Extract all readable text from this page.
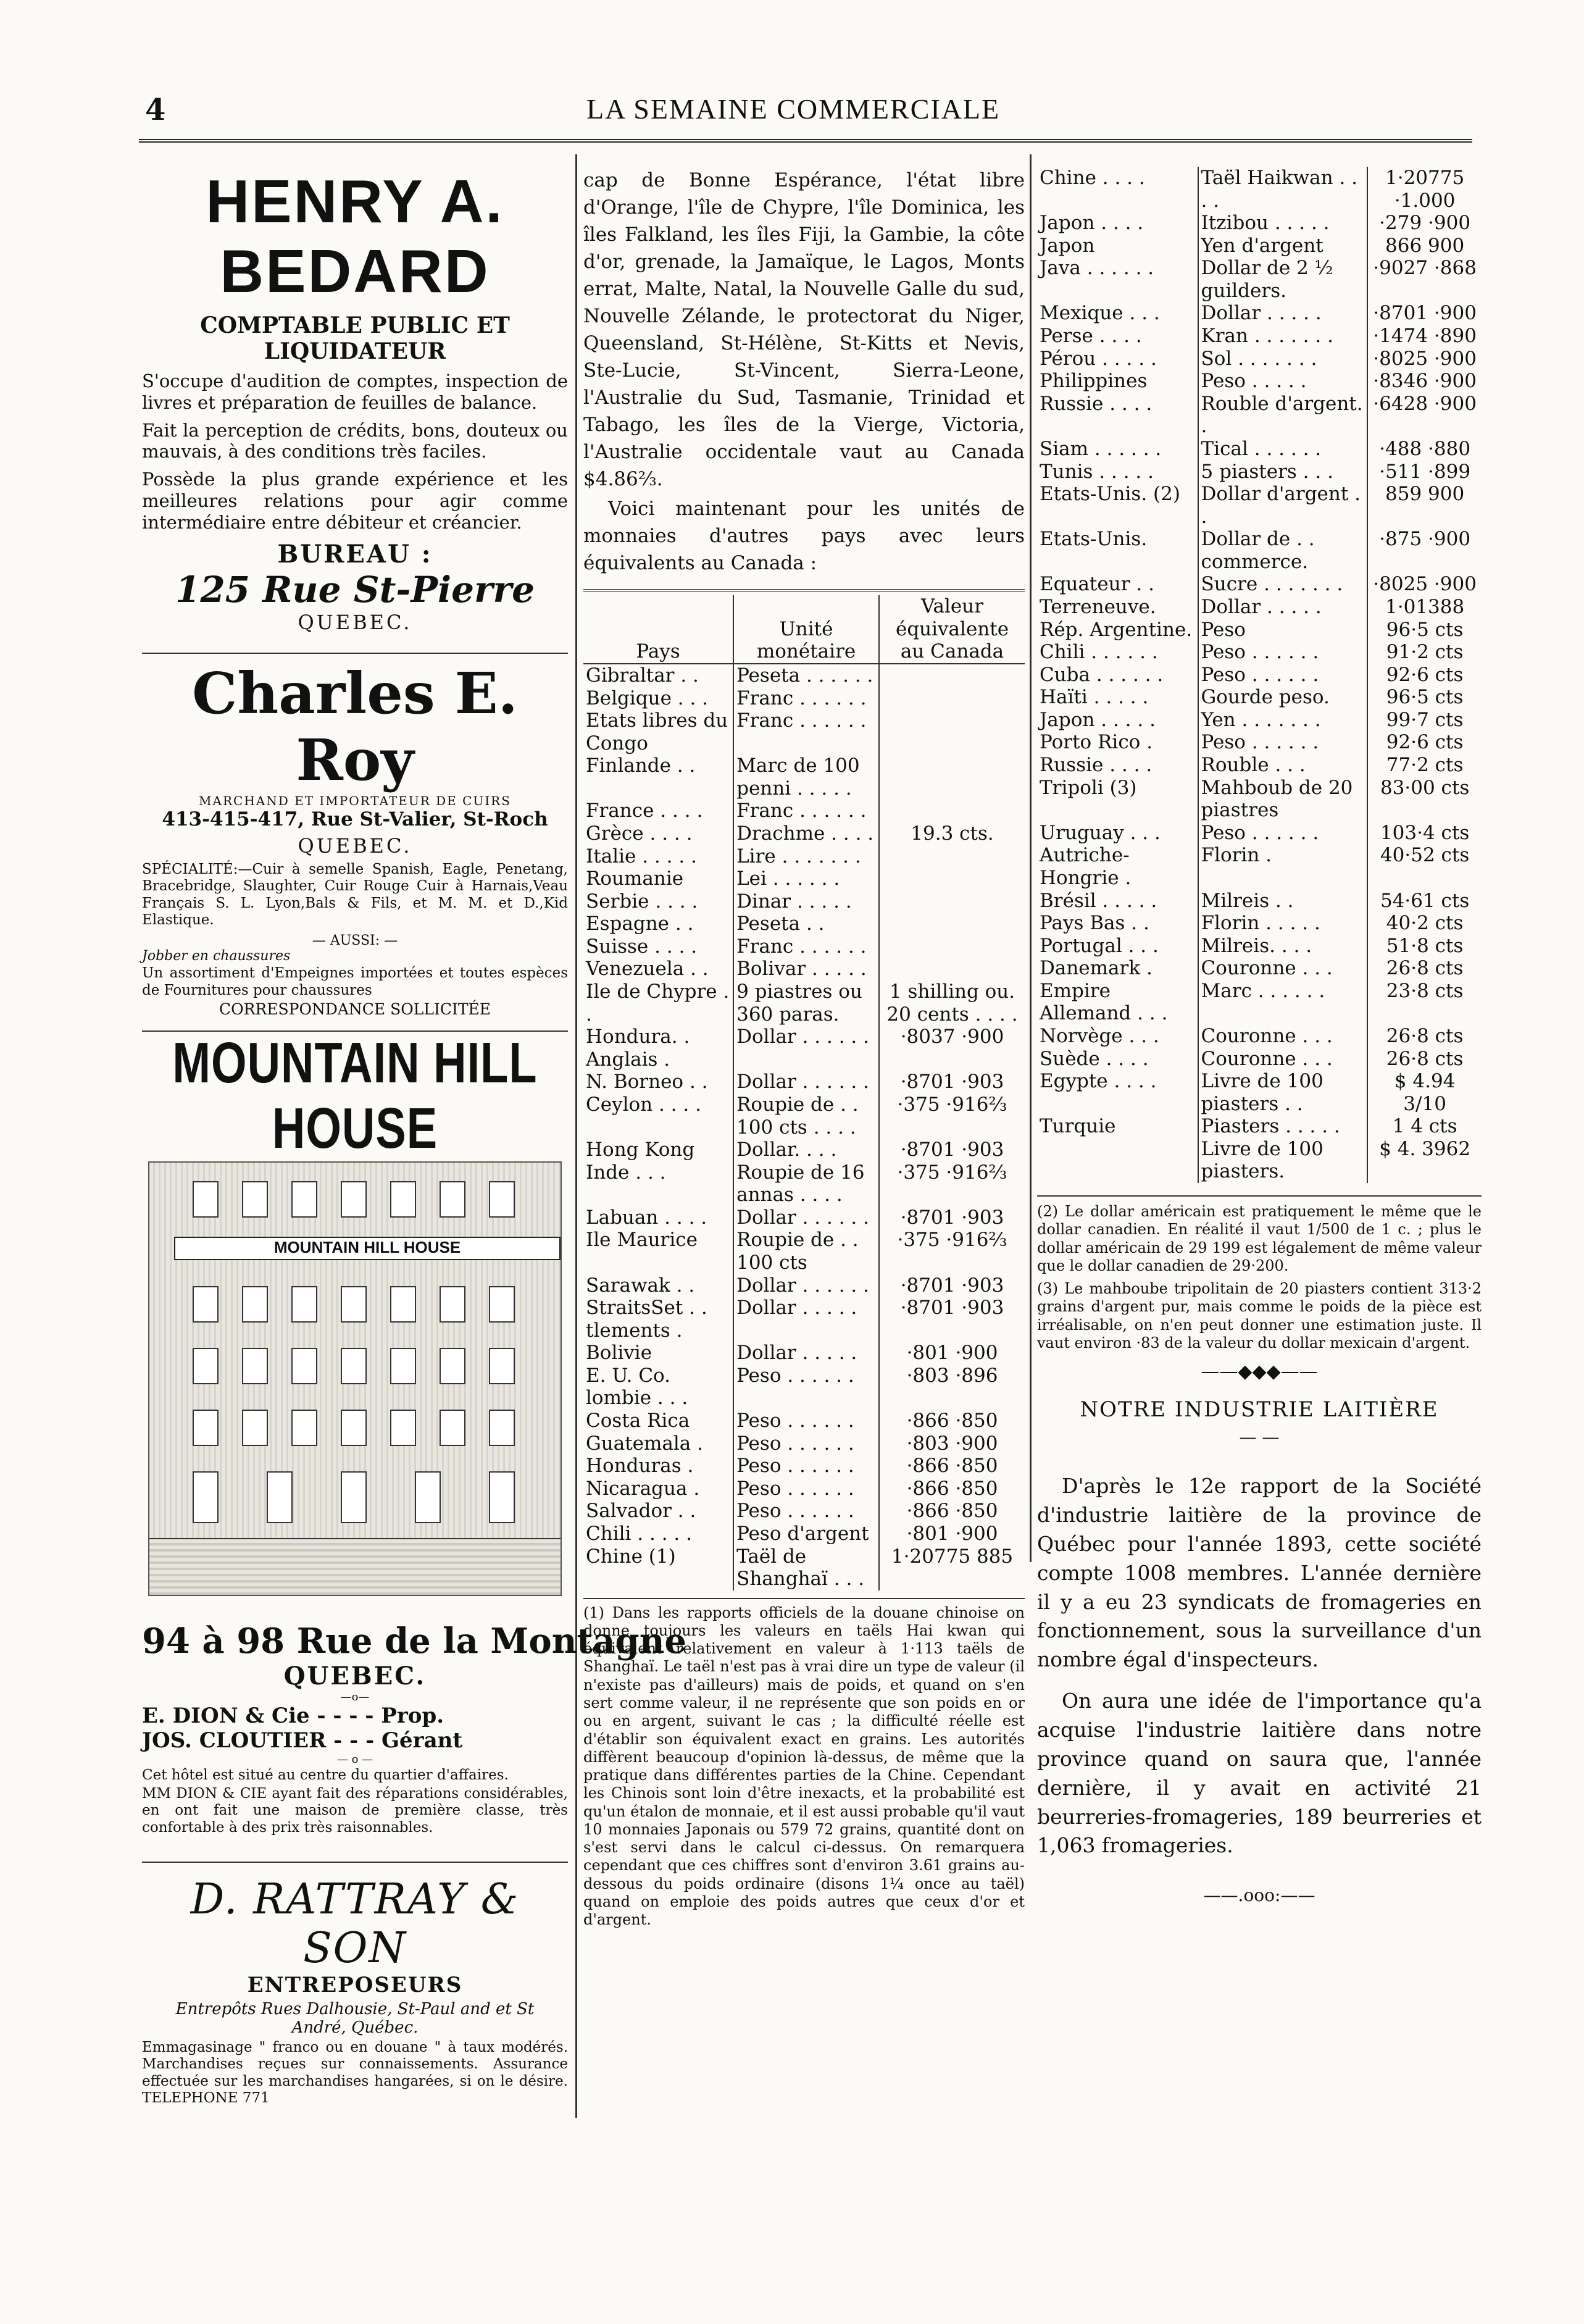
4	LA SEMAINE COMMERCIALE
HENRY A. BEDARD
COMPTABLE PUBLIC ET LIQUIDATEUR

S'occupe d'audition de comptes, inspection de livres et préparation de feuilles de balance.

Fait la perception de crédits, bons, douteux ou mauvais, à des conditions très faciles.

Possède la plus grande expérience et les meilleures relations pour agir comme intermédiaire entre débiteur et créancier.

BUREAU :
125 Rue St-Pierre
QUEBEC.
Charles E. Roy
MARCHAND ET IMPORTATEUR DE CUIRS
413-415-417, Rue St-Valier, St-Roch
QUEBEC.

SPÉCIALITÉ:—Cuir à semelle Spanish, Eagle, Penetang, Bracebridge, Slaughter, Cuir Rouge Cuir à Harnais,Veau Français S. L. Lyon,Bals & Fils, et M. M. et D.,Kid Elastique.

— AUSSI: —
Jobber en chaussures

Un assortiment d'Empeignes importées et toutes espèces de Fournitures pour chaussures

CORRESPONDANCE SOLLICITÉE
MOUNTAIN HILL HOUSE
MOUNTAIN HILL HOUSE
94 à 98 Rue de la Montagne
QUEBEC.
—o—
E. DION & Cie - - - - Prop.
JOS. CLOUTIER - - - Gérant
— o —

Cet hôtel est situé au centre du quartier d'affaires.

MM DION & CIE ayant fait des réparations considérables, en ont fait une maison de première classe, très confortable à des prix très raisonnables.

D. RATTRAY & SON
ENTREPOSEURS
Entrepôts Rues Dalhousie, St-Paul and et St André, Québec.

Emmagasinage " franco ou en douane " à taux modérés. Marchandises reçues sur connaissements. Assurance effectuée sur les marchandises hangarées, si on le désire. TELEPHONE 771

cap de Bonne Espérance, l'état libre d'Orange, l'île de Chypre, l'île Dominica, les îles Falkland, les îles Fiji, la Gambie, la côte d'or, grenade, la Jamaïque, le Lagos, Monts errat, Malte, Natal, la Nouvelle Galle du sud, Nouvelle Zélande, le protectorat du Niger, Queensland, St-Hélène, St-Kitts et Nevis, Ste-Lucie, St-Vincent, Sierra-Leone, l'Australie du Sud, Tasmanie, Trinidad et Tabago, les îles de la Vierge, Victoria, l'Australie occidentale vaut au Canada $4.86⅔.

Voici maintenant pour les unités de monnaies d'autres pays avec leurs équivalents au Canada :

Pays	Unité monétaire	Valeur équivalente au Canada
Gibraltar . .	Peseta . . . . . .	
Belgique . . .	Franc . . . . . .	
Etats libres du Congo	Franc . . . . . .	
Finlande . .	Marc de 100 penni . . . . .	
France . . . .	Franc . . . . . .	
Grèce . . . .	Drachme . . . .	19.3 cts.
Italie . . . . .	Lire . . . . . . .	
Roumanie	Lei . . . . . .	
Serbie . . . .	Dinar . . . . .	
Espagne . .	Peseta . .	
Suisse . . . .	Franc . . . . . .	
Venezuela . .	Bolivar . . . . .	
Ile de Chypre . .	9 piastres ou 360 paras.	1 shilling ou. 20 cents . . . .
Hondura. . Anglais .	Dollar . . . . . .	·8037 ·900
N. Borneo . .	Dollar . . . . . .	·8701 ·903
Ceylon . . . .	Roupie de . . 100 cts . . . .	·375 ·916⅔
Hong Kong	Dollar. . . .	·8701 ·903
Inde . . .	Roupie de 16 annas . . . .	·375 ·916⅔
Labuan . . . .	Dollar . . . . . .	·8701 ·903
Ile Maurice	Roupie de . . 100 cts	·375 ·916⅔
Sarawak . .	Dollar . . . . . .	·8701 ·903
StraitsSet . . tlements .	Dollar . . . . .	·8701 ·903
Bolivie	Dollar . . . . .	·801 ·900
E. U. Co. lombie . . .	Peso . . . . . .	·803 ·896
Costa Rica	Peso . . . . . .	·866 ·850
Guatemala .	Peso . . . . . .	·803 ·900
Honduras .	Peso . . . . . .	·866 ·850
Nicaragua .	Peso . . . . . .	·866 ·850
Salvador . .	Peso . . . . . .	·866 ·850
Chili . . . . .	Peso d'argent	·801 ·900
Chine (1)	Taël de Shanghaï . . .	1·20775 885

(1) Dans les rapports officiels de la douane chinoise on donne toujours les valeurs en taëls Hai kwan qui équivalent relativement en valeur à 1·113 taëls de Shanghaï. Le taël n'est pas à vrai dire un type de valeur (il n'existe pas d'ailleurs) mais de poids, et quand on s'en sert comme valeur, il ne représente que son poids en or ou en argent, suivant le cas ; la difficulté réelle est d'établir son équivalent exact en grains. Les autorités diffèrent beaucoup d'opinion là-dessus, de même que la pratique dans différentes parties de la Chine. Cependant les Chinois sont loin d'être inexacts, et la probabilité est qu'un étalon de monnaie, et il est aussi probable qu'il vaut 10 monnaies Japonais ou 579 72 grains, quantité dont on s'est servi dans le calcul ci-dessus. On remarquera cependant que ces chiffres sont d'environ 3.61 grains au-dessous du poids ordinaire (disons 1¼ once au taël) quand on emploie des poids autres que ceux d'or et d'argent.

Chine . . . .	Taël Haikwan . . . .	1·20775 ·1.000
Japon . . . .	Itzibou . . . . .	·279 ·900
Japon	Yen d'argent	866 900
Java . . . . . .	Dollar de 2 ½ guilders.	·9027 ·868
Mexique . . .	Dollar . . . . .	·8701 ·900
Perse . . . .	Kran . . . . . . .	·1474 ·890
Pérou . . . . .	Sol . . . . . . .	·8025 ·900
Philippines	Peso . . . . .	·8346 ·900
Russie . . . .	Rouble d'argent. .	·6428 ·900
Siam . . . . . .	Tical . . . . . .	·488 ·880
Tunis . . . . .	5 piasters . . .	·511 ·899
Etats-Unis. (2)	Dollar d'argent . .	859 900
Etats-Unis.	Dollar de . . commerce.	·875 ·900
Equateur . .	Sucre . . . . . . .	·8025 ·900
Terreneuve.	Dollar . . . . .	1·01388
Rép. Argentine.	Peso	96·5 cts
Chili . . . . . .	Peso . . . . . .	91·2 cts
Cuba . . . . . .	Peso . . . . . .	92·6 cts
Haïti . . . . .	Gourde peso.	96·5 cts
Japon . . . . .	Yen . . . . . . .	99·7 cts
Porto Rico .	Peso . . . . . .	92·6 cts
Russie . . . .	Rouble . . .	77·2 cts
Tripoli (3)	Mahboub de 20 piastres	83·00 cts
Uruguay . . .	Peso . . . . . .	103·4 cts
Autriche-Hongrie .	Florin .	40·52 cts
Brésil . . . . .	Milreis . .	54·61 cts
Pays Bas . .	Florin . . . . .	40·2 cts
Portugal . . .	Milreis. . . .	51·8 cts
Danemark .	Couronne . . .	26·8 cts
Empire Allemand . . .	Marc . . . . . .	23·8 cts
Norvège . . .	Couronne . . .	26·8 cts
Suède . . . .	Couronne . . .	26·8 cts
Egypte . . . .	Livre de 100 piasters . .	$ 4.94 3/10
Turquie	Piasters . . . . .	1 4 cts
	Livre de 100 piasters.	$ 4. 3962

(2) Le dollar américain est pratiquement le même que le dollar canadien. En réalité il vaut 1/500 de 1 c. ; plus le dollar américain de 29 199 est légalement de même valeur que le dollar canadien de 29·200.

(3) Le mahboube tripolitain de 20 piasters contient 313·2 grains d'argent pur, mais comme le poids de la pièce est irréalisable, on n'en peut donner une estimation juste. Il vaut environ ·83 de la valeur du dollar mexicain d'argent.

——◆◆◆——
NOTRE INDUSTRIE LAITIÈRE
— —

D'après le 12e rapport de la Société d'industrie laitière de la province de Québec pour l'année 1893, cette société compte 1008 membres. L'année dernière il y a eu 23 syndicats de fromageries en fonctionnement, sous la surveillance d'un nombre égal d'inspecteurs.

On aura une idée de l'importance qu'a acquise l'industrie laitière dans notre province quand on saura que, l'année dernière, il y avait en activité 21 beurreries-fromageries, 189 beurreries et 1,063 fromageries.

——.ooo:——
